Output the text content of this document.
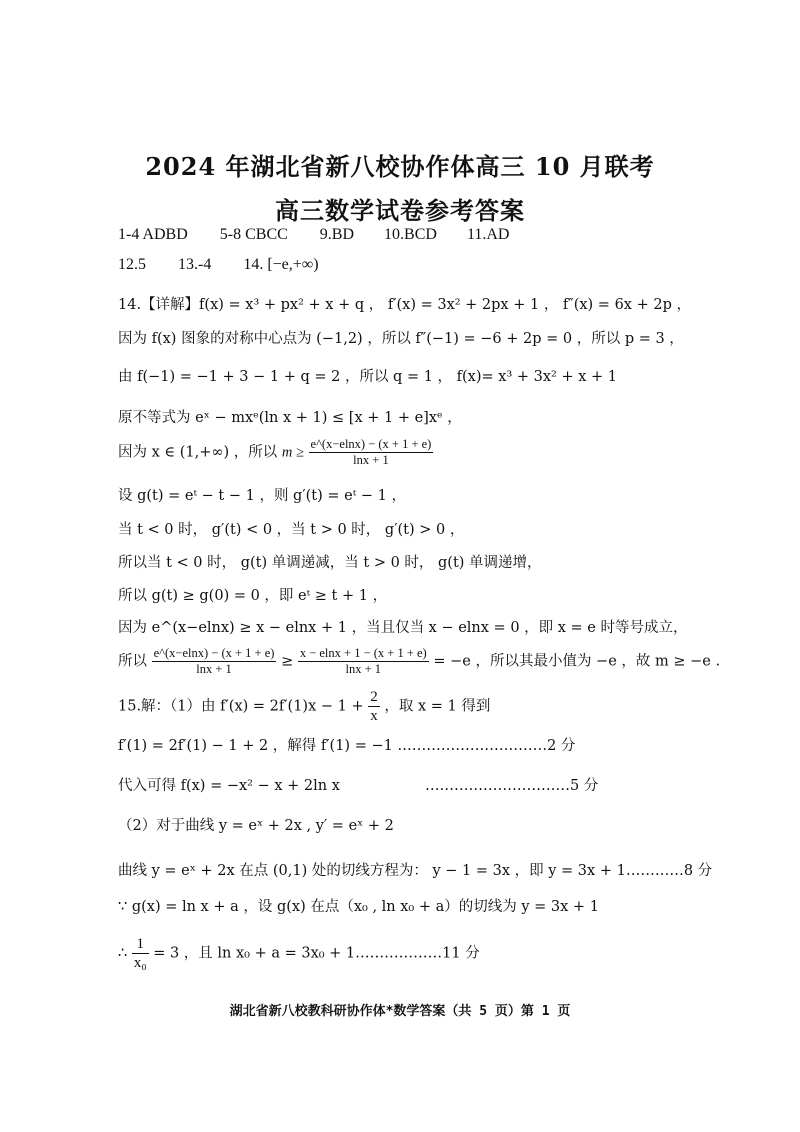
2024 年湖北省新八校协作体高三 10 月联考
高三数学试卷参考答案
1-4 ADBD 5-8 CBCC 9.BD 10.BCD 11.AD
12.5 13.-4 14. [−e,+∞)
14.【详解】f(x) = x³ + px² + x + q ， f′(x) = 3x² + 2px + 1 ， f″(x) = 6x + 2p ，
因为 f(x) 图象的对称中心点为 (−1,2) ，所以 f″(−1) = −6 + 2p = 0 ，所以 p = 3 ，
由 f(−1) = −1 + 3 − 1 + q = 2 ，所以 q = 1 ， f(x)= x³ + 3x² + x + 1
原不等式为 eˣ − mxᵉ(ln x + 1) ≤ [x + 1 + e]xᵉ ，
因为 x ∈ (1,+∞) ，所以 $m \ge \frac{e\^{}(x-elnx) - (x + 1 + e)}{\ln x + 1}$
设 g(t) = eᵗ − t − 1 ，则 g′(t) = eᵗ − 1 ，
当 t < 0 时， g′(t) < 0 ，当 t > 0 时， g′(t) > 0 ，
所以当 t < 0 时， g(t) 单调递减，当 t > 0 时， g(t) 单调递增，
所以 g(t) ≥ g(0) = 0 ，即 eᵗ ≥ t + 1 ，
因为 e^(x−elnx) ≥ x − elnx + 1 ，当且仅当 x − elnx = 0 ，即 x = e 时等号成立，
所以 $\frac{e\^{}(x-elnx) - (x + 1 + e)}{\ln x + 1} \ge \frac{x - elnx + 1 - (x + 1 + e)}{\ln x + 1} = -e$ ，所以其最小值为 −e ，故 m ≥ −e .
15.解：（1）由 $f'(x) = 2f'(1)x - 1 + \frac{2}{x}$ ，取 x = 1 得到
f′(1) = 2f′(1) − 1 + 2 ，解得 f′(1) = −1 .…………………………2 分
代入可得 f(x) = −x² − x + 2ln x	…………………………5 分
（2）对于曲线 y = eˣ + 2x , y′ = eˣ + 2
曲线 y = eˣ + 2x 在点 (0,1) 处的切线方程为： y − 1 = 3x ，即 y = 3x + 1…………8 分
∵ g(x) = ln x + a ，设 g(x) 在点（x₀ , ln x₀ + a）的切线为 y = 3x + 1
∴ $\frac{1}{\text{x₀}} = 3$ ，且 ln x₀ + a = 3x₀ + 1………………11 分
湖北省新八校教科研协作体*数学答案（共 5 页）第 1 页
